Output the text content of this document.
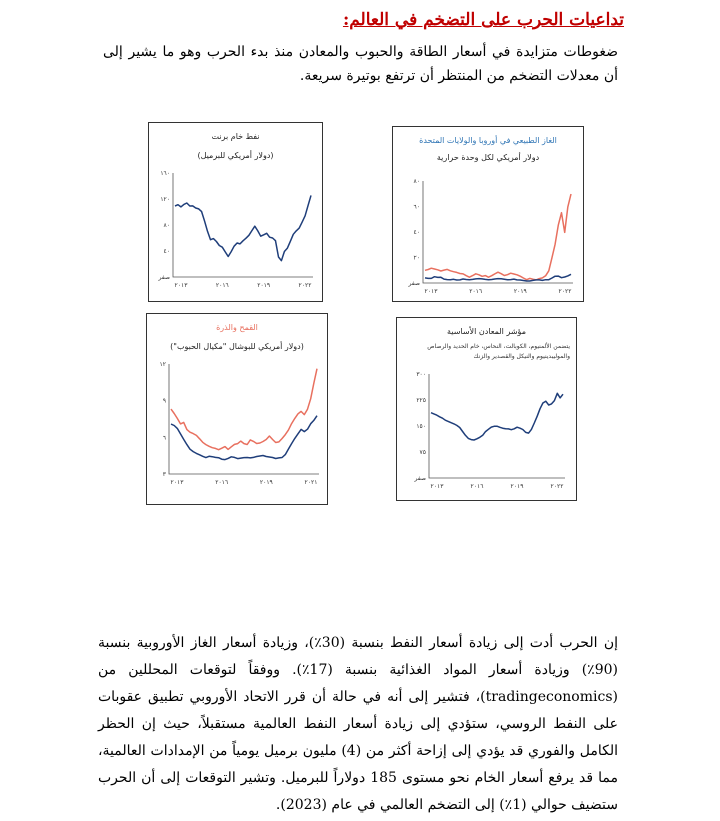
تداعيات الحرب على التضخم في العالم:
ضغوطات متزايدة في أسعار الطاقة والحبوب والمعادن منذ بدء الحرب وهو ما يشير إلى أن معدلات التضخم من المنتظر أن ترتفع بوتيرة سريعة.
الغاز الطبيعي في أوروبا والولايات المتحدة
دولار أمريكي لكل وحدة حرارية
صفر
٢٠
٤٠
٦٠
٨٠
٢٠١٣	٢٠١٦	٢٠١٩	٢٠٢٢
نفط خام برنت
(دولار أمريكي للبرميل)
صفر
٤٠
٨٠
١٢٠
١٦٠
٢٠١٣	٢٠١٦	٢٠١٩	٢٠٢٢
مؤشر المعادن الأساسية
يتضمن الألمنيوم، الكوبالت، النحاس، خام الحديد والرصاص والموليبدينيوم والنيكل والقصدير والزنك
صفر
٧٥
١٥٠
٢٢٥
٣٠٠
٢٠١٣	٢٠١٦	٢٠١٩	٢٠٢٢
القمح والذرة
(دولار أمريكي للبوشال "مكيال الحبوب")
٣
٦
٩
١٢
٢٠١٣	٢٠١٦	٢٠١٩	٢٠٢١
إن الحرب أدت إلى زيادة أسعار النفط بنسبة (30٪)، وزيادة أسعار الغاز الأوروبية بنسبة (90٪) وزيادة أسعار المواد الغذائية بنسبة (17٪). ووفقاً لتوقعات المحللين من (tradingeconomics)، فتشير إلى أنه في حالة أن قرر الاتحاد الأوروبي تطبيق عقوبات على النفط الروسي، ستؤدي إلى زيادة أسعار النفط العالمية مستقبلاً، حيث إن الحظر الكامل والفوري قد يؤدي إلى إزاحة أكثر من (4) مليون برميل يومياً من الإمدادات العالمية، مما قد يرفع أسعار الخام نحو مستوى 185 دولاراً للبرميل. وتشير التوقعات إلى أن الحرب ستضيف حوالي (1٪) إلى التضخم العالمي في عام (2023).
